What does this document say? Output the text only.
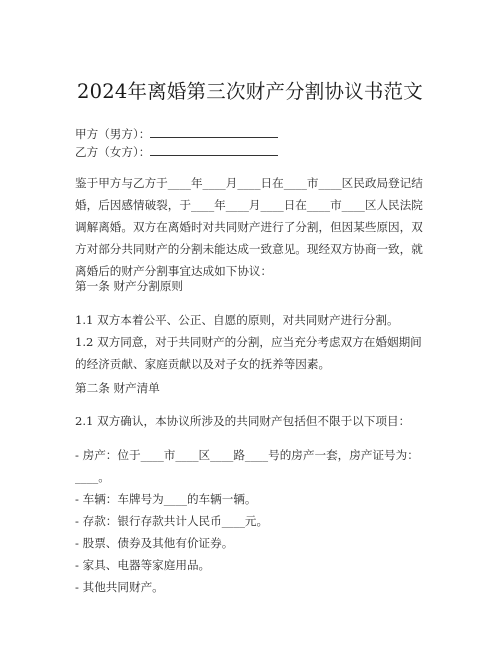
2024年离婚第三次财产分割协议书范文
甲方（男方）：
乙方（女方）：
鉴于甲方与乙方于____年____月____日在____市____区民政局登记结
婚，后因感情破裂，于____年____月____日在____市____区人民法院
调解离婚。双方在离婚时对共同财产进行了分割，但因某些原因，双
方对部分共同财产的分割未能达成一致意见。现经双方协商一致，就
离婚后的财产分割事宜达成如下协议：
第一条 财产分割原则
1.1 双方本着公平、公正、自愿的原则，对共同财产进行分割。
1.2 双方同意，对于共同财产的分割，应当充分考虑双方在婚姻期间
的经济贡献、家庭贡献以及对子女的抚养等因素。
第二条 财产清单
2.1 双方确认，本协议所涉及的共同财产包括但不限于以下项目：
- 房产：位于____市____区____路____号的房产一套，房产证号为：
____。
- 车辆：车牌号为____的车辆一辆。
- 存款：银行存款共计人民币____元。
- 股票、债券及其他有价证券。
- 家具、电器等家庭用品。
- 其他共同财产。
